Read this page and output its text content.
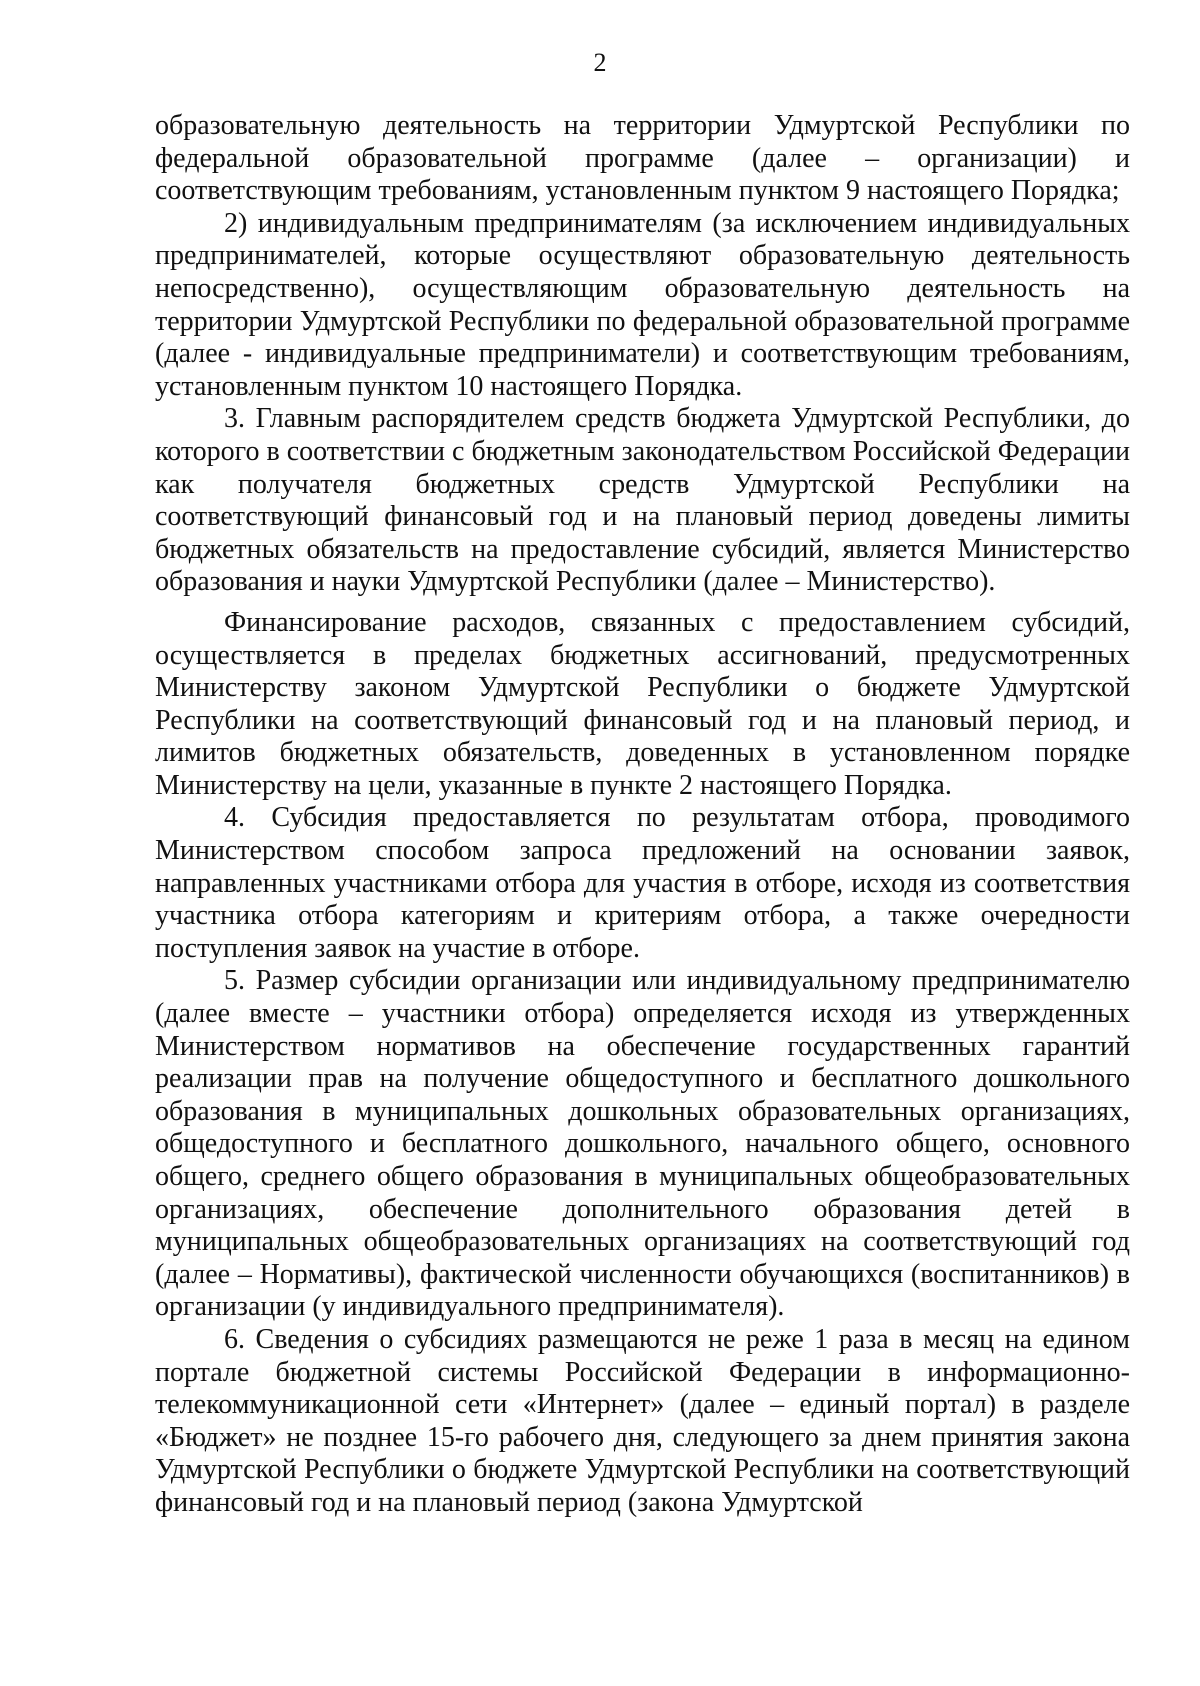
2

образовательную деятельность на территории Удмуртской Республики по федеральной образовательной программе (далее – организации) и соответствующим требованиям, установленным пунктом 9 настоящего Порядка;

2) индивидуальным предпринимателям (за исключением индивидуальных предпринимателей, которые осуществляют образовательную деятельность непосредственно), осуществляющим образовательную деятельность на территории Удмуртской Республики по федеральной образовательной программе (далее - индивидуальные предприниматели) и соответствующим требованиям, установленным пунктом 10 настоящего Порядка.

3. Главным распорядителем средств бюджета Удмуртской Республики, до которого в соответствии с бюджетным законодательством Российской Федерации как получателя бюджетных средств Удмуртской Республики на соответствующий финансовый год и на плановый период доведены лимиты бюджетных обязательств на предоставление субсидий, является Министерство образования и науки Удмуртской Республики (далее – Министерство).

Финансирование расходов, связанных с предоставлением субсидий, осуществляется в пределах бюджетных ассигнований, предусмотренных Министерству законом Удмуртской Республики о бюджете Удмуртской Республики на соответствующий финансовый год и на плановый период, и лимитов бюджетных обязательств, доведенных в установленном порядке Министерству на цели, указанные в пункте 2 настоящего Порядка.

4. Субсидия предоставляется по результатам отбора, проводимого Министерством способом запроса предложений на основании заявок, направленных участниками отбора для участия в отборе, исходя из соответствия участника отбора категориям и критериям отбора, а также очередности поступления заявок на участие в отборе.

5. Размер субсидии организации или индивидуальному предпринимателю (далее вместе – участники отбора) определяется исходя из утвержденных Министерством нормативов на обеспечение государственных гарантий реализации прав на получение общедоступного и бесплатного дошкольного образования в муниципальных дошкольных образовательных организациях, общедоступного и бесплатного дошкольного, начального общего, основного общего, среднего общего образования в муниципальных общеобразовательных организациях, обеспечение дополнительного образования детей в муниципальных общеобразовательных организациях на соответствующий год (далее – Нормативы), фактической численности обучающихся (воспитанников) в организации (у индивидуального предпринимателя).

6. Сведения о субсидиях размещаются не реже 1 раза в месяц на едином портале бюджетной системы Российской Федерации в информационно-телекоммуникационной сети «Интернет» (далее – единый портал) в разделе «Бюджет» не позднее 15-го рабочего дня, следующего за днем принятия закона Удмуртской Республики о бюджете Удмуртской Республики на соответствующий финансовый год и на плановый период (закона Удмуртской
